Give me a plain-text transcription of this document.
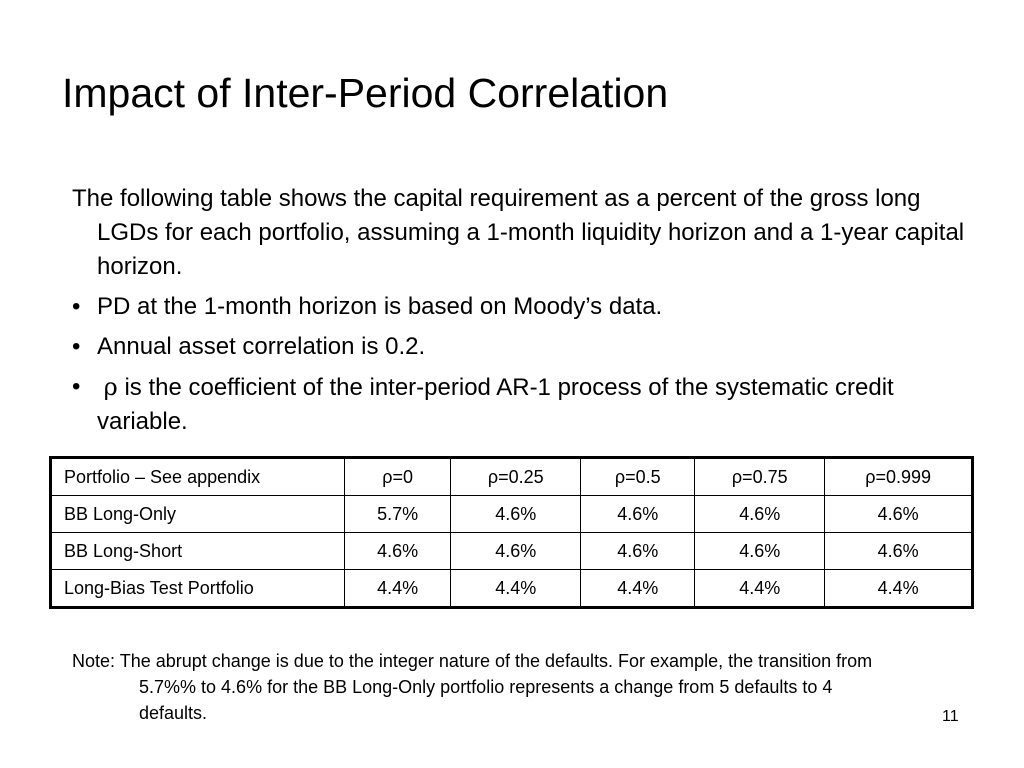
Impact of Inter-Period Correlation

The following table shows the capital requirement as a percent of the gross long LGDs for each portfolio, assuming a 1-month liquidity horizon and a 1-year capital horizon.

• PD at the 1-month horizon is based on Moody’s data.
• Annual asset correlation is 0.2.
• ρ is the coefficient of the inter-period AR-1 process of the systematic credit variable.
Portfolio – See appendix	ρ=0	ρ=0.25	ρ=0.5	ρ=0.75	ρ=0.999
BB Long-Only	5.7%	4.6%	4.6%	4.6%	4.6%
BB Long-Short	4.6%	4.6%	4.6%	4.6%	4.6%
Long-Bias Test Portfolio	4.4%	4.4%	4.4%	4.4%	4.4%

Note: The abrupt change is due to the integer nature of the defaults. For example, the transition from 5.7%% to 4.6% for the BB Long-Only portfolio represents a change from 5 defaults to 4 defaults.	11
